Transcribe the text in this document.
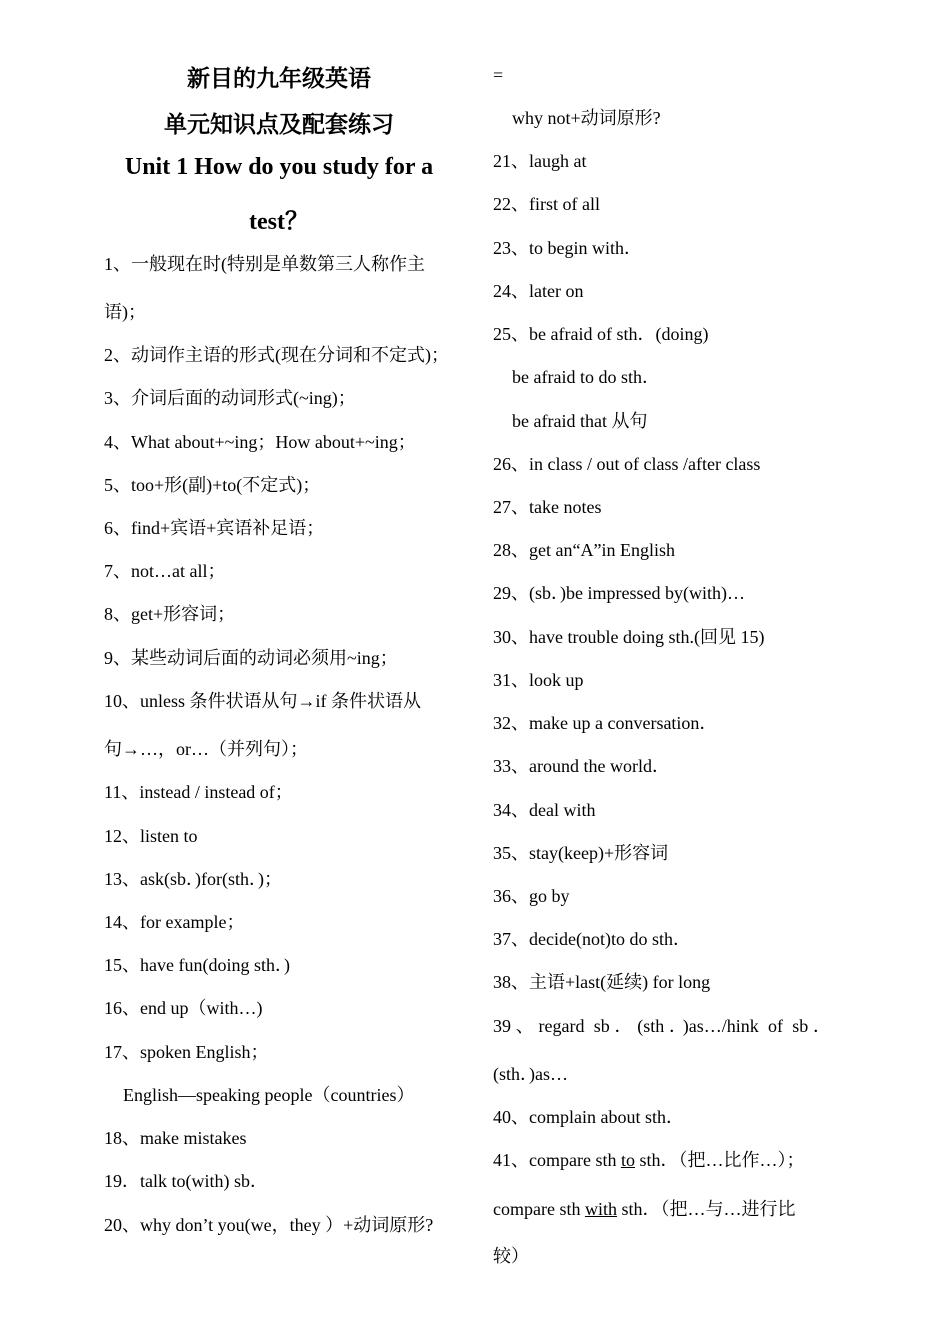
新目的九年级英语
单元知识点及配套练习
Unit 1 How do you study for a
test？
1、一般现在时(特别是单数第三人称作主
语)；
2、动词作主语的形式(现在分词和不定式)；
3、介词后面的动词形式(~ing)；
4、What about+~ing；How about+~ing；
5、too+形(副)+to(不定式)；
6、find+宾语+宾语补足语；
7、not…at all；
8、get+形容词；
9、某些动词后面的动词必须用~ing；
10、unless 条件状语从句→if 条件状语从
句→…，or…（并列句）；
11、instead / instead of；
12、listen to
13、ask(sb．)for(sth．)；
14、for example；
15、have fun(doing sth．)
16、end up（with…)
17、spoken English；
English—speaking people（countries）
18、make mistakes
19．talk to(with) sb．
20、why don’t you(we，they ）+动词原形?
=
why not+动词原形?
21、laugh at
22、first of all
23、to begin with．
24、later on
25、be afraid of sth．(doing)
be afraid to do sth．
be afraid that 从句
26、in class / out of class /after class
27、take notes
28、get an“A”in English
29、(sb．)be impressed by(with)…
30、have trouble doing sth.(回见 15)
31、look up
32、make up a conversation．
33、around the world．
34、deal with
35、stay(keep)+形容词
36、go by
37、decide(not)to do sth．
38、主语+last(延续) for long
39、regard sb．(sth．)as…/hink of sb．
(sth．)as…
40、complain about sth．
41、compare sth to sth．（把…比作…）；
compare sth with sth．（把…与…进行比
较）
